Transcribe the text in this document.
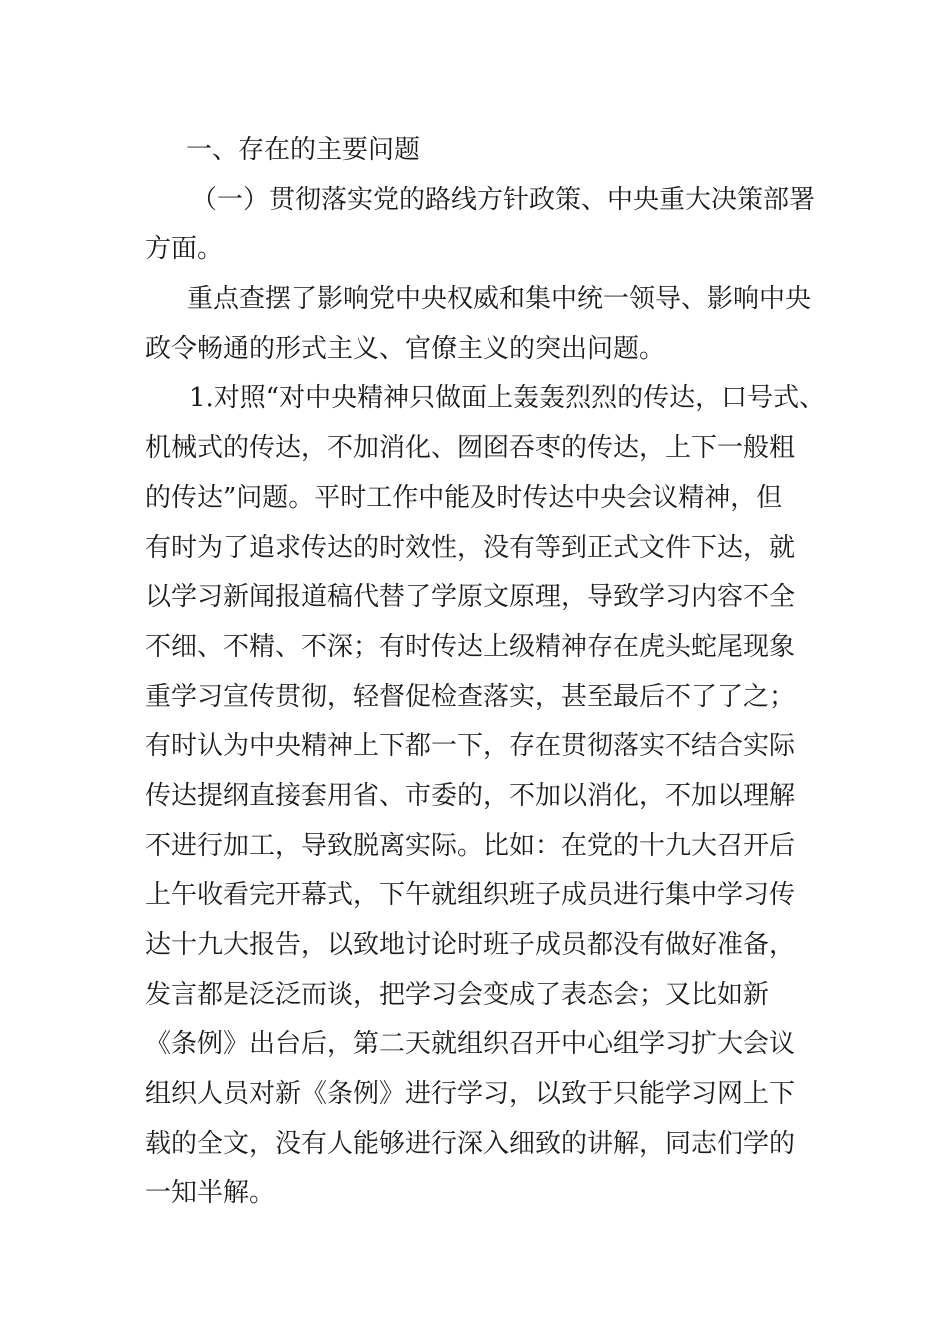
一、存在的主要问题
（一）贯彻落实党的路线方针政策、中央重大决策部署
方面。
重点查摆了影响党中央权威和集中统一领导、影响中央
政令畅通的形式主义、官僚主义的突出问题。
1.对照“对中央精神只做面上轰轰烈烈的传达，口号式、
机械式的传达，不加消化、囫囵吞枣的传达，上下一般粗
的传达”问题。平时工作中能及时传达中央会议精神，但
有时为了追求传达的时效性，没有等到正式文件下达，就
以学习新闻报道稿代替了学原文原理，导致学习内容不全
不细、不精、不深；有时传达上级精神存在虎头蛇尾现象
重学习宣传贯彻，轻督促检查落实，甚至最后不了了之；
有时认为中央精神上下都一下，存在贯彻落实不结合实际
传达提纲直接套用省、市委的，不加以消化，不加以理解
不进行加工，导致脱离实际。比如：在党的十九大召开后
上午收看完开幕式，下午就组织班子成员进行集中学习传
达十九大报告，以致地讨论时班子成员都没有做好准备，
发言都是泛泛而谈，把学习会变成了表态会；又比如新
《条例》出台后，第二天就组织召开中心组学习扩大会议
组织人员对新《条例》进行学习，以致于只能学习网上下
载的全文，没有人能够进行深入细致的讲解，同志们学的
一知半解。
